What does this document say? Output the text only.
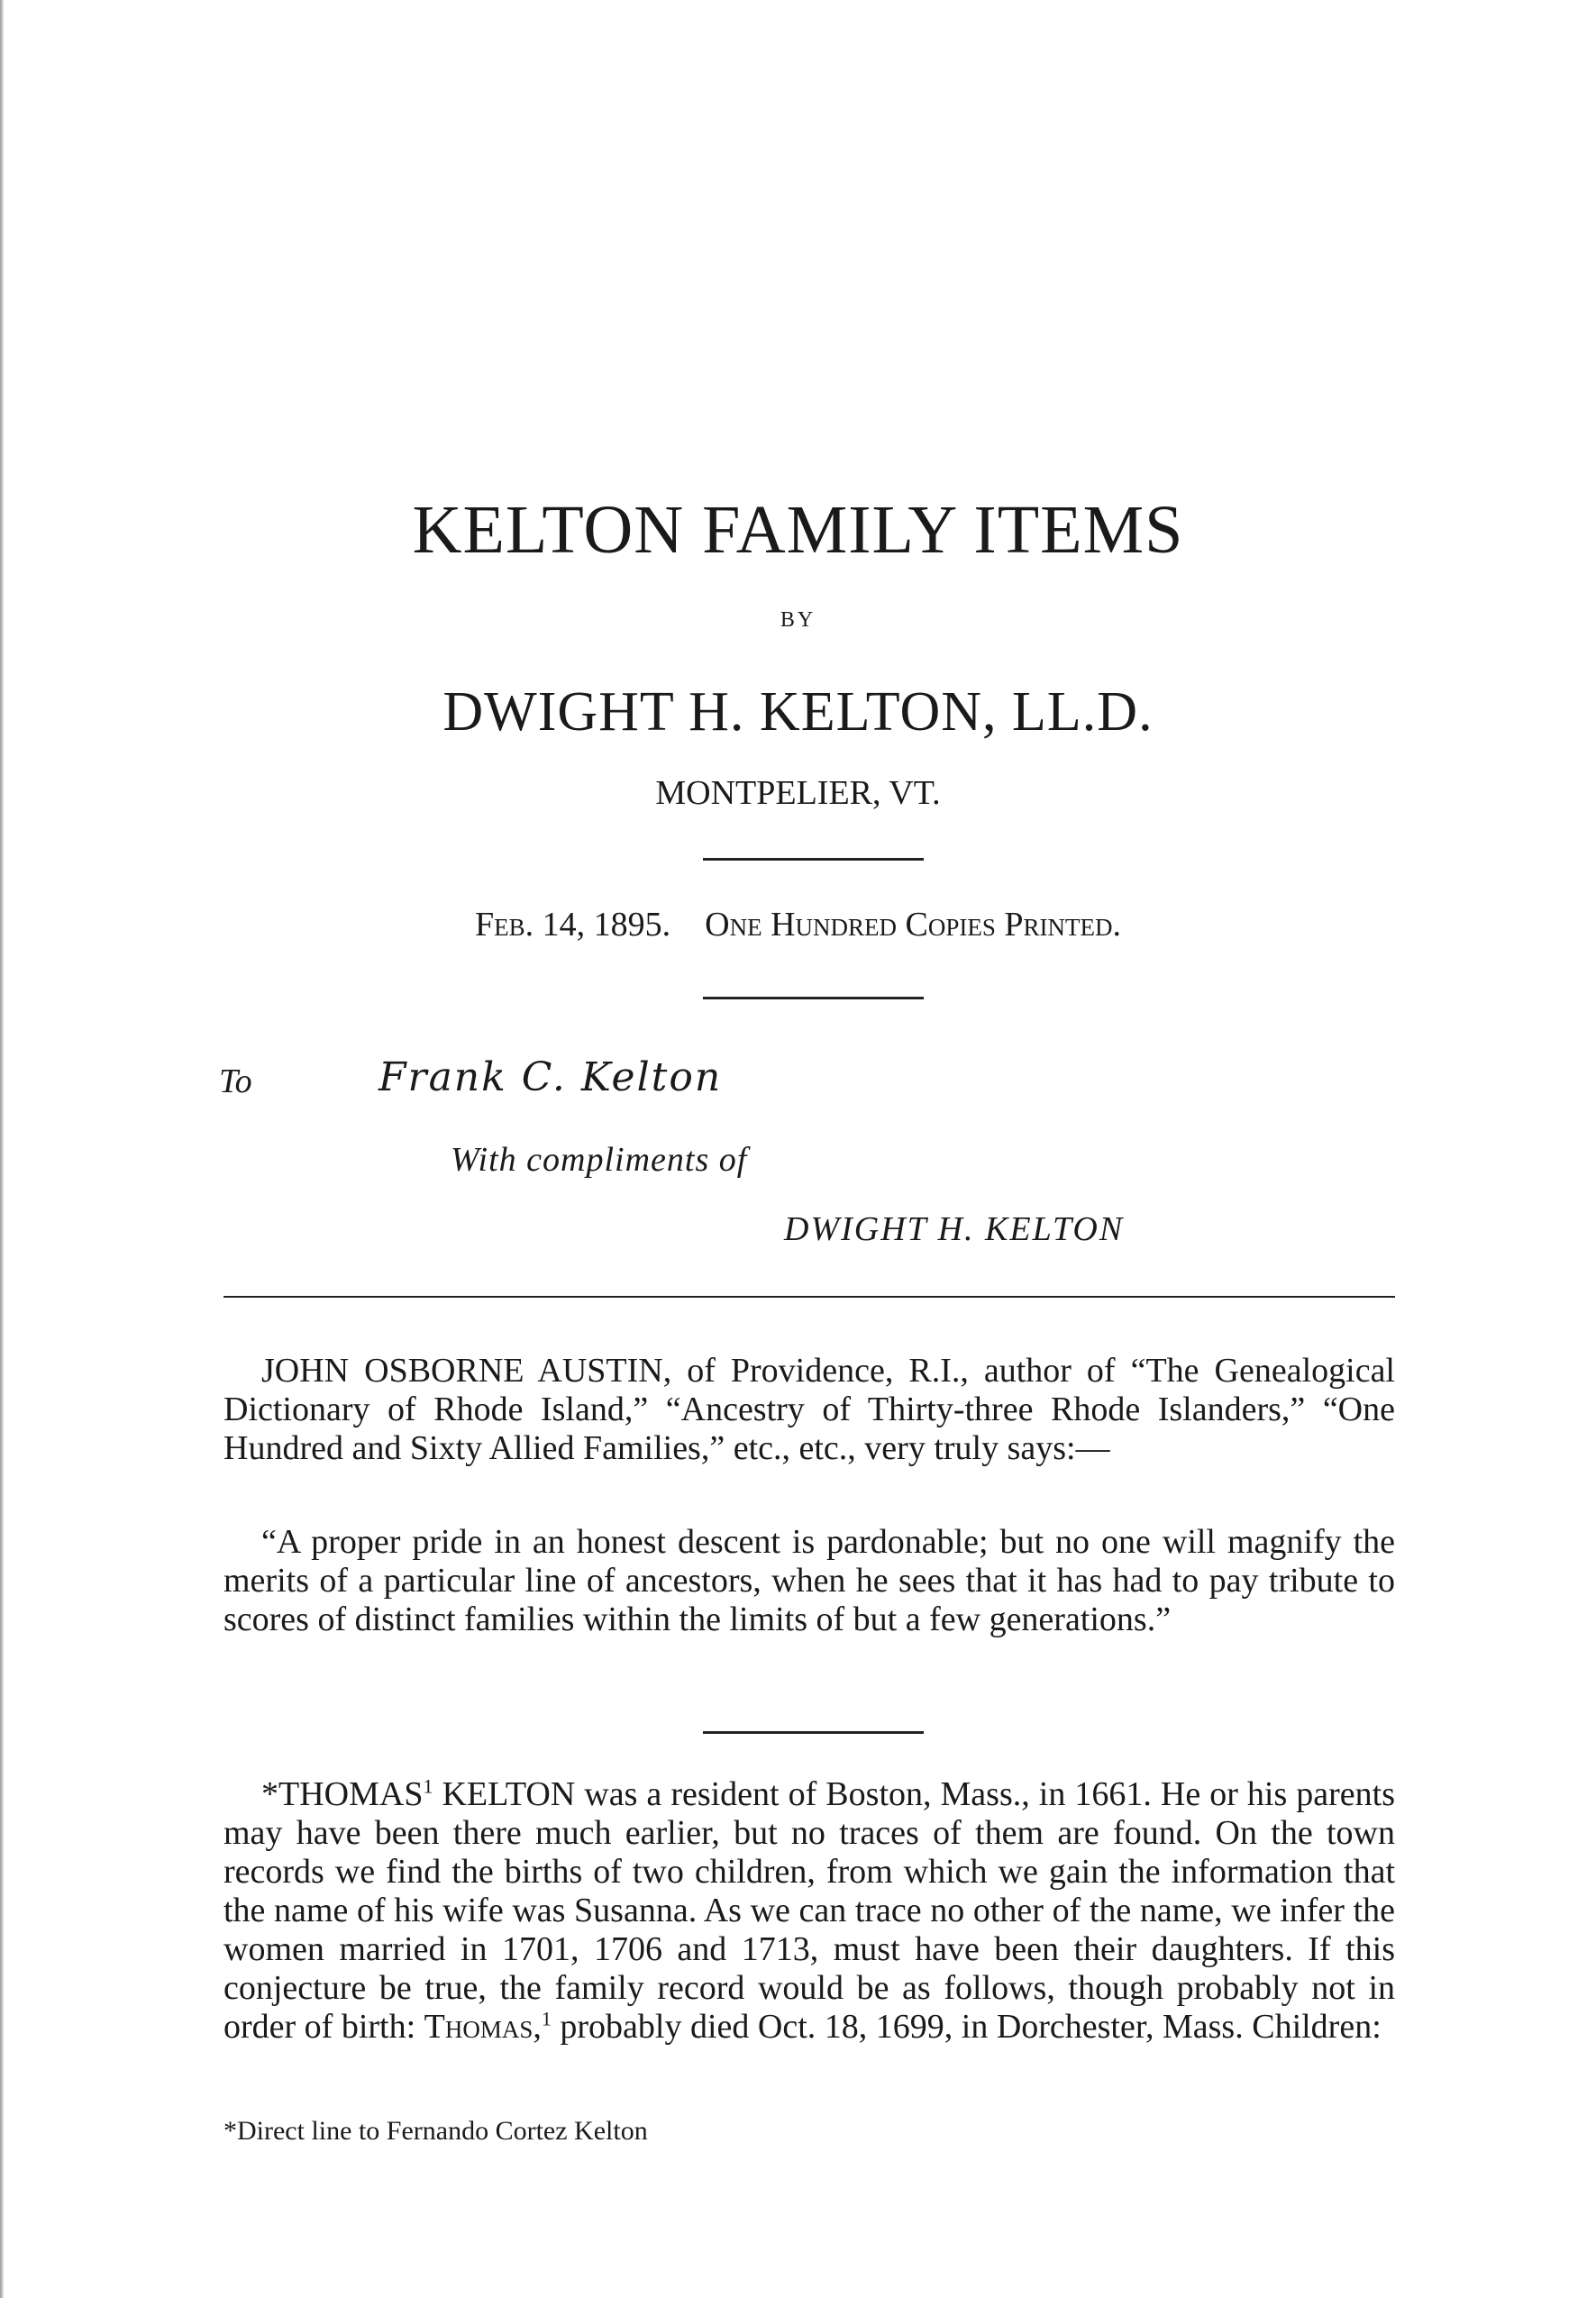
KELTON FAMILY ITEMS
BY
DWIGHT H. KELTON, LL.D.
MONTPELIER, VT.
Feb. 14, 1895. One Hundred Copies Printed.
To	Frank C. Kelton
With compliments of
DWIGHT H. KELTON

JOHN OSBORNE AUSTIN, of Providence, R.I., author of “The Genealogical Dictionary of Rhode Island,” “Ancestry of Thirty-three Rhode Islanders,” “One Hundred and Sixty Allied Families,” etc., etc., very truly says:—

“A proper pride in an honest descent is pardonable; but no one will magnify the merits of a particular line of ancestors, when he sees that it has had to pay tribute to scores of distinct families within the limits of but a few generations.”

*THOMAS$^1$ KELTON was a resident of Boston, Mass., in 1661. He or his parents may have been there much earlier, but no traces of them are found. On the town records we find the births of two children, from which we gain the information that the name of his wife was Susanna. As we can trace no other of the name, we infer the women married in 1701, 1706 and 1713, must have been their daughters. If this conjecture be true, the family record would be as follows, though probably not in order of birth: Thomas,$^1$ probably died Oct. 18, 1699, in Dorchester, Mass. Children:

*Direct line to Fernando Cortez Kelton
